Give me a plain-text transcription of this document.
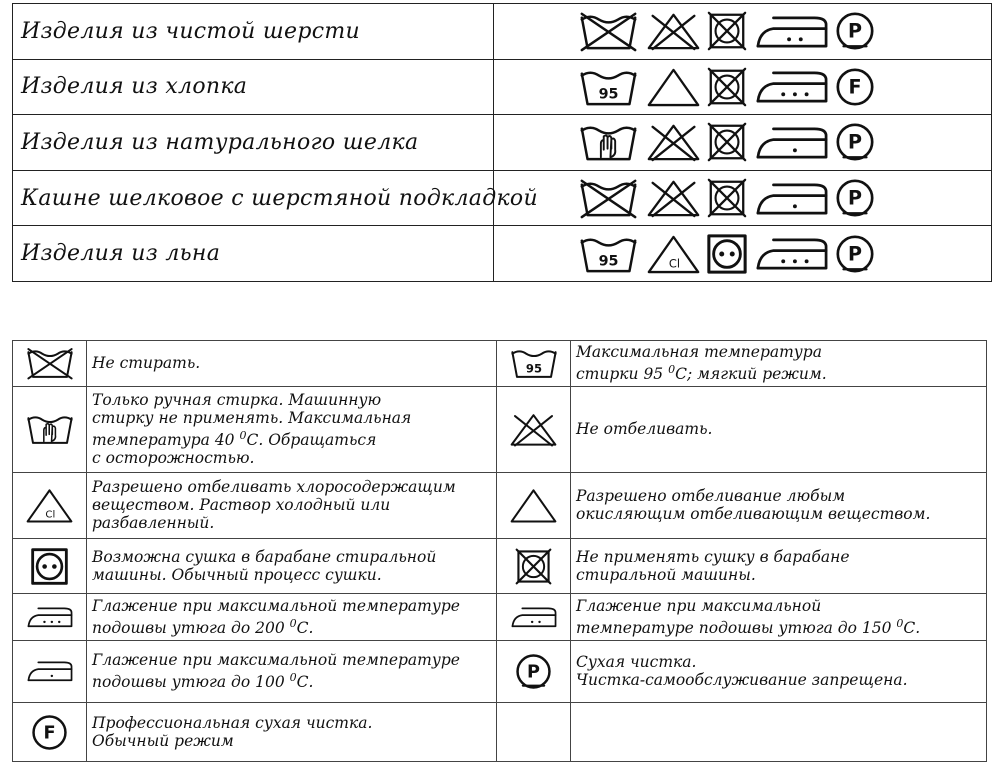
Изделия из чистой шерсти	P

Изделия из хлопка	95 F

Изделия из натурального шелка	P

Кашне шелковое с шерстяной подкладкой	P

Изделия из льна	95 Cl P
	Не стирать.	95	Максимальная температура
стирки 95 $^0$С; мягкий режим.
	Только ручная стирка. Машинную
стирку не применять. Максимальная
температура 40 $^0$С. Обращаться
с осторожностью.		Не отбеливать.

Cl	Разрешено отбеливать хлоросодержащим
веществом. Раствор холодный или
разбавленный.		Разрешено отбеливание любым
окисляющим отбеливающим веществом.
	Возможна сушка в барабане стиральной
машины. Обычный процесс сушки.		Не применять сушку в барабане
стиральной машины.
	Глажение при максимальной температуре
подошвы утюга до 200 $^0$С.		Глажение при максимальной
температуре подошвы утюга до 150 $^0$С.
	Глажение при максимальной температуре
подошвы утюга до 100 $^0$С.	P	Сухая чистка.
Чистка-самообслуживание запрещена.

F	Профессиональная сухая чистка.
Обычный режим		
